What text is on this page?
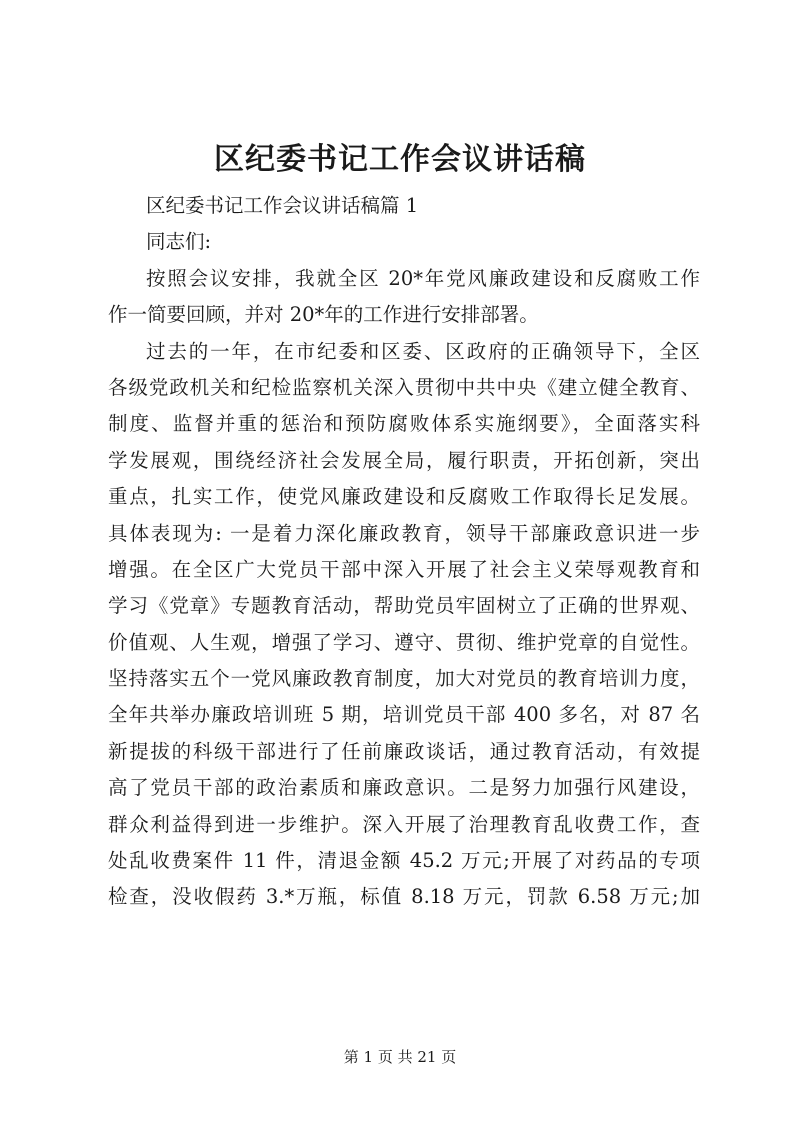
区纪委书记工作会议讲话稿
区纪委书记工作会议讲话稿篇 1
同志们:
按照会议安排，我就全区 20*年党风廉政建设和反腐败工作
作一简要回顾，并对 20*年的工作进行安排部署。
过去的一年，在市纪委和区委、区政府的正确领导下，全区
各级党政机关和纪检监察机关深入贯彻中共中央《建立健全教育、
制度、监督并重的惩治和预防腐败体系实施纲要》，全面落实科
学发展观，围绕经济社会发展全局，履行职责，开拓创新，突出
重点，扎实工作，使党风廉政建设和反腐败工作取得长足发展。
具体表现为: 一是着力深化廉政教育，领导干部廉政意识进一步
增强。在全区广大党员干部中深入开展了社会主义荣辱观教育和
学习《党章》专题教育活动，帮助党员牢固树立了正确的世界观、
价值观、人生观，增强了学习、遵守、贯彻、维护党章的自觉性。
坚持落实五个一党风廉政教育制度，加大对党员的教育培训力度，
全年共举办廉政培训班 5 期，培训党员干部 400 多名，对 87 名
新提拔的科级干部进行了任前廉政谈话，通过教育活动，有效提
高了党员干部的政治素质和廉政意识。二是努力加强行风建设，
群众利益得到进一步维护。深入开展了治理教育乱收费工作，查
处乱收费案件 11 件，清退金额 45.2 万元;开展了对药品的专项
检查，没收假药 3.*万瓶，标值 8.18 万元，罚款 6.58 万元;加
第 1 页 共 21 页
